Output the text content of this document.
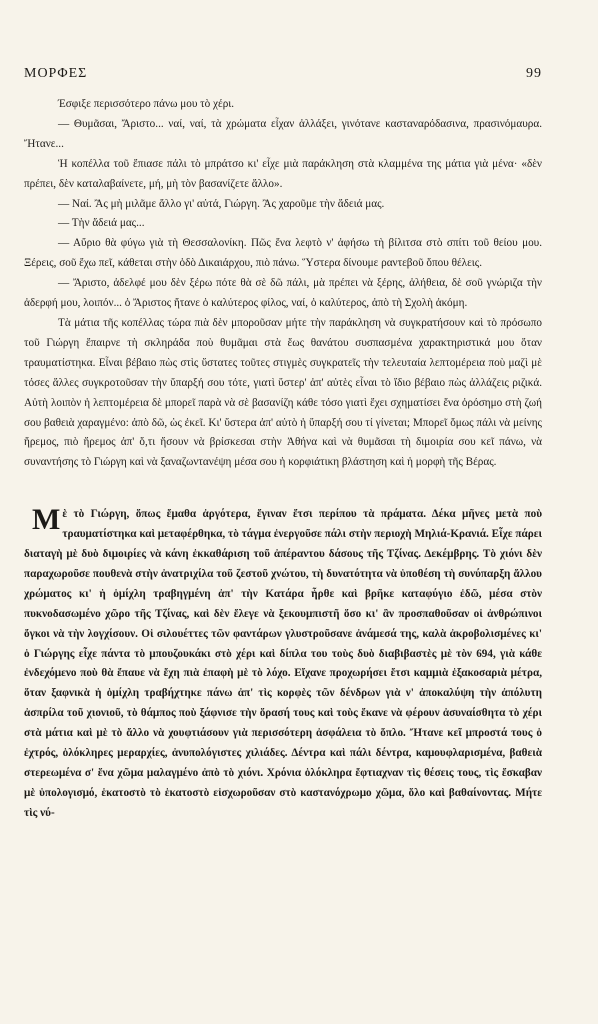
ΜΟΡΦΕΣ	99

Έσφιξε περισσότερο πάνω μου τὸ χέρι.

— Θυμᾶσαι, Ἄριστο... ναί, ναί, τὰ χρώματα εἶχαν ἀλλάξει, γινότανε κασταναρόδασινα, πρασινόμαυρα. Ἤτανε...

Ἡ κοπέλλα τοῦ ἔπιασε πάλι τὸ μπράτσο κι' εἶχε μιὰ παράκληση στὰ κλαμμένα της μάτια γιὰ μένα· «δὲν πρέπει, δὲν καταλαβαίνετε, μή, μὴ τὸν βασανίζετε ἄλλο».

— Ναί. Ἂς μὴ μιλᾶμε ἄλλο γι' αὐτά, Γιώργη. Ἂς χαροῦμε τὴν ἄδειά μας.

— Τὴν ἄδειά μας...

— Αὔριο θὰ φύγω γιὰ τὴ Θεσσαλονίκη. Πῶς ἕνα λεφτὸ ν' ἀφήσω τὴ βίλιτσα στὸ σπίτι τοῦ θείου μου. Ξέρεις, σοῦ ἔχω πεῖ, κάθεται στὴν ὁδὸ Δικαιάρχου, πιὸ πάνω. Ὕστερα δίνουμε ραντεβοῦ ὅπου θέλεις.

— Ἄριστο, ἀδελφέ μου δὲν ξέρω πότε θὰ σὲ δῶ πάλι, μὰ πρέπει νὰ ξέρης, ἀλήθεια, δὲ σοῦ γνώριζα τὴν ἀδερφή μου, λοιπόν... ὁ Ἄριστος ἤτανε ὁ καλύτερος φίλος, ναί, ὁ καλύτερος, ἀπὸ τὴ Σχολὴ ἀκόμη.

Τὰ μάτια τῆς κοπέλλας τώρα πιὰ δὲν μποροῦσαν μήτε τὴν παράκληση νὰ συγκρατήσουν καὶ τὸ πρόσωπο τοῦ Γιώργη ἔπαιρνε τὴ σκληράδα ποὺ θυμᾶμαι στὰ ἕως θανάτου συσπασμένα χαρακτηριστικά μου ὅταν τραυματίστηκα. Εἶναι βέβαιο πὼς στὶς ὕστατες τοῦτες στιγμὲς συγκρατεῖς τὴν τελευταία λεπτομέρεια ποὺ μαζὶ μὲ τόσες ἄλλες συγκροτοῦσαν τὴν ὕπαρξή σου τότε, γιατὶ ὕστερ' ἀπ' αὐτὲς εἶναι τὸ ἴδιο βέβαιο πὼς ἀλλάζεις ριζικά. Αὐτὴ λοιπὸν ἡ λεπτομέρεια δὲ μπορεῖ παρὰ νὰ σὲ βασανίζη κάθε τόσο γιατὶ ἔχει σχηματίσει ἕνα ὀρόσημο στὴ ζωή σου βαθειὰ χαραγμένο: ἀπὸ δῶ, ὡς ἐκεῖ. Κι' ὕστερα ἀπ' αὐτὸ ἡ ὕπαρξή σου τί γίνεται; Μπορεῖ ὅμως πάλι νὰ μείνης ἥρεμος, πιὸ ἥρεμος ἀπ' ὅ,τι ἤσουν νὰ βρίσκεσαι στὴν Ἀθήνα καὶ νὰ θυμᾶσαι τὴ διμοιρία σου κεῖ πάνω, νὰ συναντήσης τὸ Γιώργη καὶ νὰ ξαναζωντανέψη μέσα σου ἡ κορφιάτικη βλάστηση καὶ ἡ μορφὴ τῆς Βέρας.

Μ ὲ τὸ Γιώργη, ὅπως ἔμαθα ἀργότερα, ἔγιναν ἔτσι περίπου τὰ πράματα. Δέκα μῆνες μετὰ ποὺ τραυματίστηκα καὶ μεταφέρθηκα, τὸ τάγμα ἐνεργοῦσε πάλι στὴν περιοχὴ Μηλιά-Κρανιά. Εἶχε πάρει διαταγὴ μὲ δυὸ διμοιρίες νὰ κάνη ἐκκαθάριση τοῦ ἀπέραντου δάσους τῆς Τζίνας. Δεκέμβρης. Τὸ χιόνι δὲν παραχωροῦσε πουθενὰ στὴν ἀνατριχίλα τοῦ ζεστοῦ χνώτου, τὴ δυνατότητα νὰ ὑποθέση τὴ συνύπαρξη ἄλλου χρώματος κι' ἡ ὁμίχλη τραβηγμένη ἀπ' τὴν Κατάρα ἦρθε καὶ βρῆκε καταφύγιο ἐδῶ, μέσα στὸν πυκνοδασωμένο χῶρο τῆς Τζίνας, καὶ δὲν ἔλεγε νὰ ξεκουμπιστῆ ὅσο κι' ἂν προσπαθοῦσαν οἱ ἀνθρώπινοι ὄγκοι νὰ τὴν λογχίσουν. Οἱ σιλουέττες τῶν φαντάρων γλυστροῦσανε ἀνάμεσά της, καλὰ ἀκροβολισμένες κι' ὁ Γιώργης εἶχε πάντα τὸ μπουζουκάκι στὸ χέρι καὶ δίπλα του τοὺς δυὸ διαβιβαστὲς μὲ τὸν 694, γιὰ κάθε ἐνδεχόμενο ποὺ θὰ ἔπαυε νὰ ἔχη πιὰ ἐπαφὴ μὲ τὸ λόχο. Εἴχανε προχωρήσει ἔτσι καμμιὰ ἑξακοσαριὰ μέτρα, ὅταν ξαφνικὰ ἡ ὁμίχλη τραβήχτηκε πάνω ἀπ' τὶς κορφὲς τῶν δένδρων γιὰ ν' ἀποκαλύψη τὴν ἀπόλυτη ἀσπρίλα τοῦ χιονιοῦ, τὸ θάμπος ποὺ ξάφνισε τὴν ὅρασή τους καὶ τοὺς ἔκανε νὰ φέρουν ἀσυναίσθητα τὸ χέρι στὰ μάτια καὶ μὲ τὸ ἄλλο νὰ χουφτιάσουν γιὰ περισσότερη ἀσφάλεια τὸ ὅπλο. Ἤτανε κεῖ μπροστά τους ὁ ἐχτρός, ὁλόκληρες μεραρχίες, ἀνυπολόγιστες χιλιάδες. Δέντρα καὶ πάλι δέντρα, καμουφλαρισμένα, βαθειὰ στερεωμένα σ' ἕνα χῶμα μαλαγμένο ἀπὸ τὸ χιόνι. Χρόνια ὁλόκληρα ἔφτιαχναν τὶς θέσεις τους, τὶς ἔσκαβαν μὲ ὑπολογισμό, ἑκατοστὸ τὸ ἑκατοστὸ εἰσχωροῦσαν στὸ καστανόχρωμο χῶμα, ὅλο καὶ βαθαίνοντας. Μήτε τὶς νύ-
